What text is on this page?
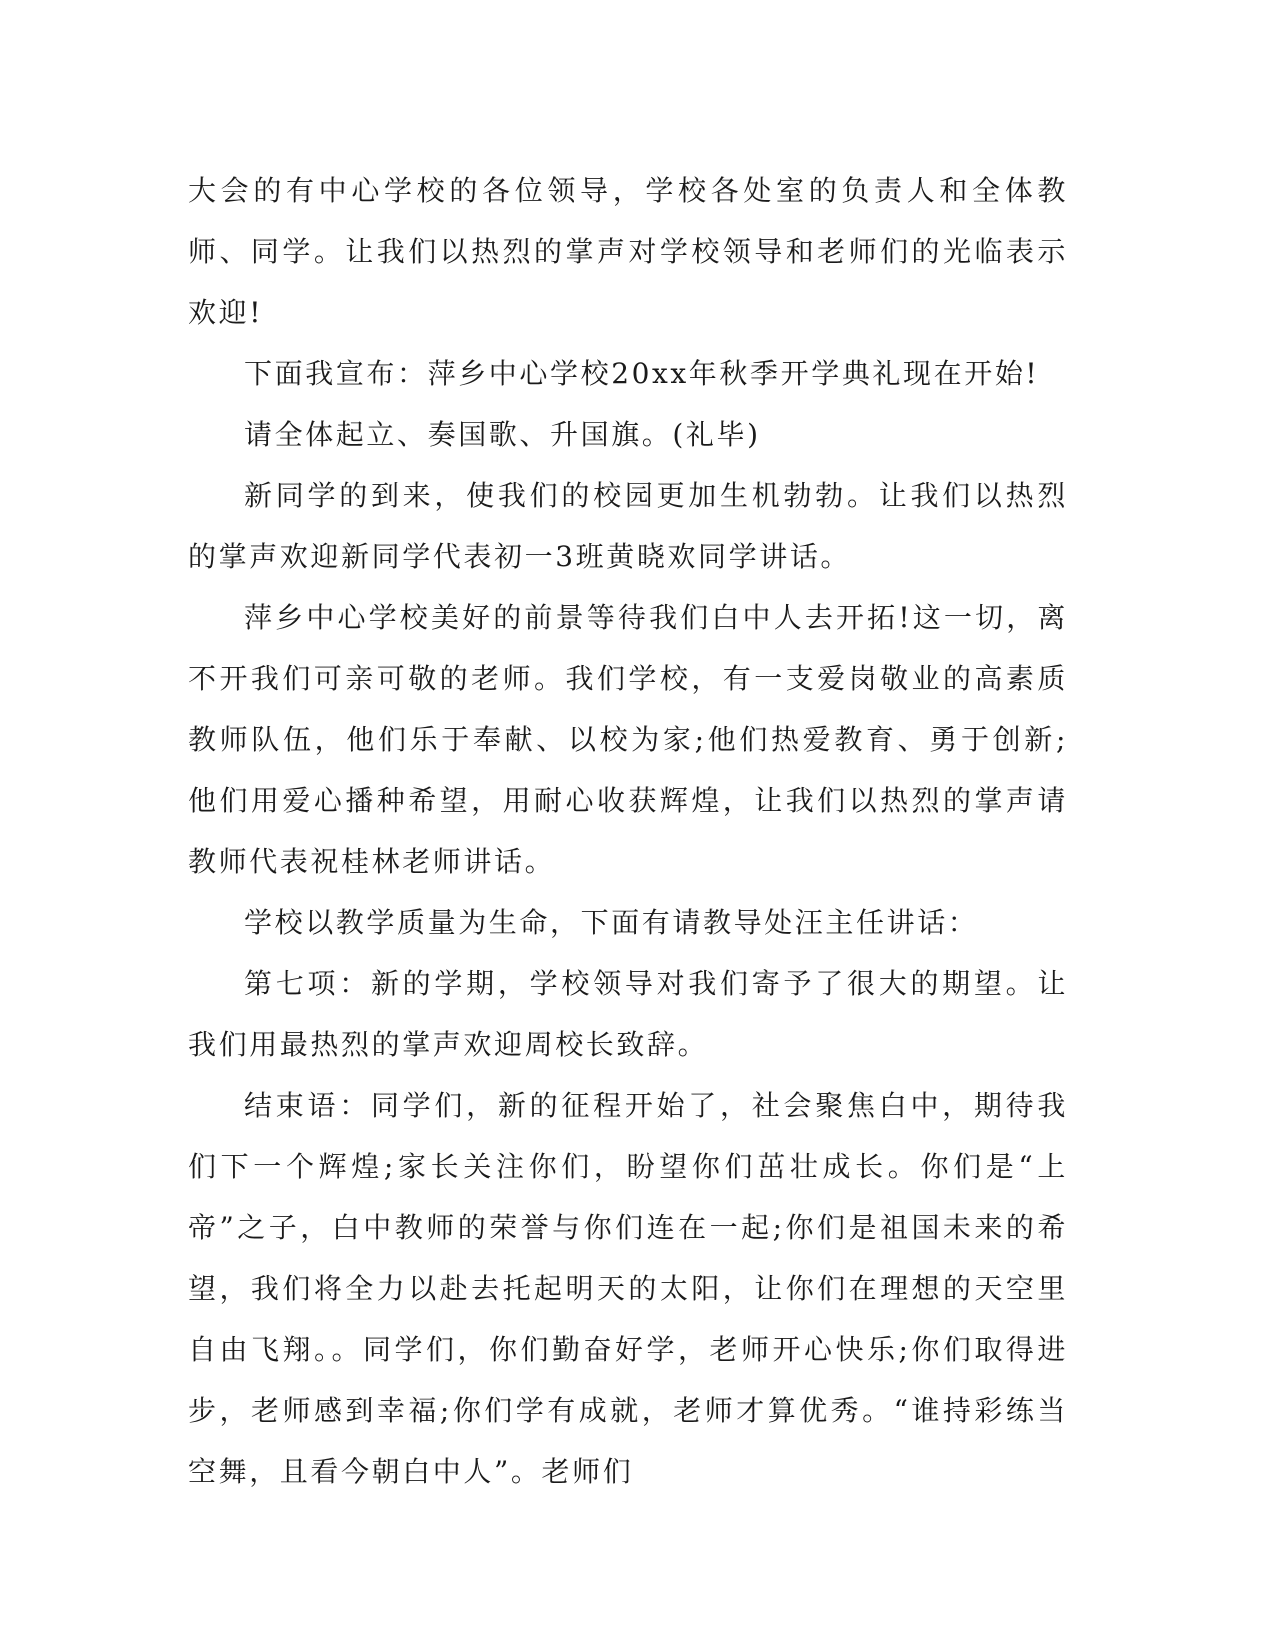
大会的有中心学校的各位领导，学校各处室的负责人和全体教师、同学。让我们以热烈的掌声对学校领导和老师们的光临表示欢迎!

下面我宣布：萍乡中心学校20xx年秋季开学典礼现在开始!

请全体起立、奏国歌、升国旗。(礼毕)

新同学的到来，使我们的校园更加生机勃勃。让我们以热烈的掌声欢迎新同学代表初一3班黄晓欢同学讲话。

萍乡中心学校美好的前景等待我们白中人去开拓!这一切，离不开我们可亲可敬的老师。我们学校，有一支爱岗敬业的高素质教师队伍，他们乐于奉献、以校为家;他们热爱教育、勇于创新;他们用爱心播种希望，用耐心收获辉煌，让我们以热烈的掌声请教师代表祝桂林老师讲话。

学校以教学质量为生命，下面有请教导处汪主任讲话：

第七项：新的学期，学校领导对我们寄予了很大的期望。让我们用最热烈的掌声欢迎周校长致辞。

结束语：同学们，新的征程开始了，社会聚焦白中，期待我们下一个辉煌;家长关注你们，盼望你们茁壮成长。你们是“上帝”之子，白中教师的荣誉与你们连在一起;你们是祖国未来的希望，我们将全力以赴去托起明天的太阳，让你们在理想的天空里自由飞翔。。同学们，你们勤奋好学，老师开心快乐;你们取得进步，老师感到幸福;你们学有成就，老师才算优秀。“谁持彩练当空舞，且看今朝白中人”。老师们
